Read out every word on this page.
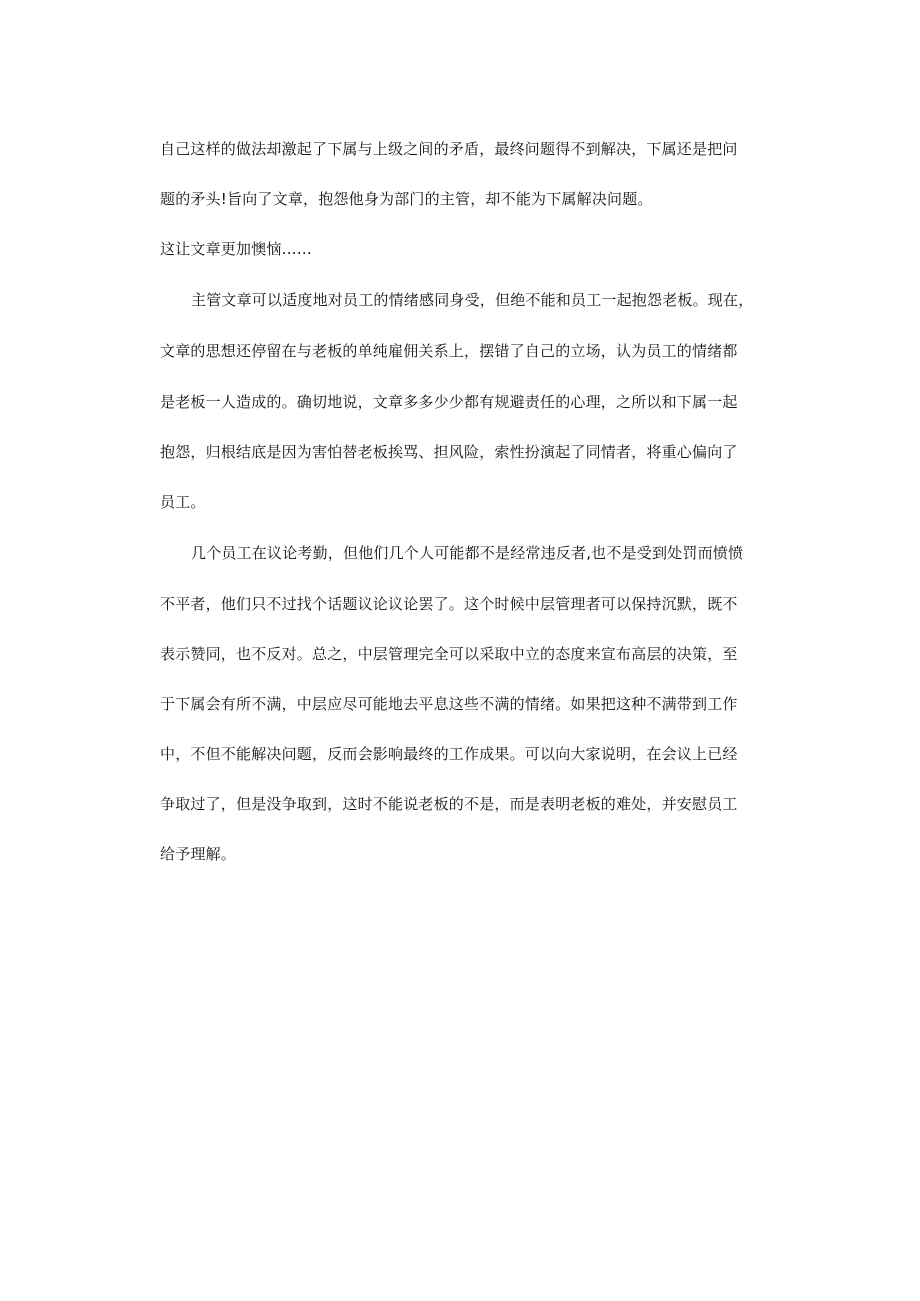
自己这样的做法却激起了下属与上级之间的矛盾，最终问题得不到解决，下属还是把问
题的矛头!旨向了文章，抱怨他身为部门的主管，却不能为下属解决问题。
这让文章更加懊恼……
主管文章可以适度地对员工的情绪感同身受，但绝不能和员工一起抱怨老板。现在，
文章的思想还停留在与老板的单纯雇佣关系上，摆错了自己的立场，认为员工的情绪都
是老板一人造成的。确切地说，文章多多少少都有规避责任的心理，之所以和下属一起
抱怨，归根结底是因为害怕替老板挨骂、担风险，索性扮演起了同情者，将重心偏向了
员工。
几个员工在议论考勤，但他们几个人可能都不是经常违反者,也不是受到处罚而愤愤
不平者，他们只不过找个话题议论议论罢了。这个时候中层管理者可以保持沉默，既不
表示赞同，也不反对。总之，中层管理完全可以采取中立的态度来宣布高层的决策，至
于下属会有所不满，中层应尽可能地去平息这些不满的情绪。如果把这种不满带到工作
中，不但不能解决问题，反而会影响最终的工作成果。可以向大家说明，在会议上已经
争取过了，但是没争取到，这时不能说老板的不是，而是表明老板的难处，并安慰员工
给予理解。
